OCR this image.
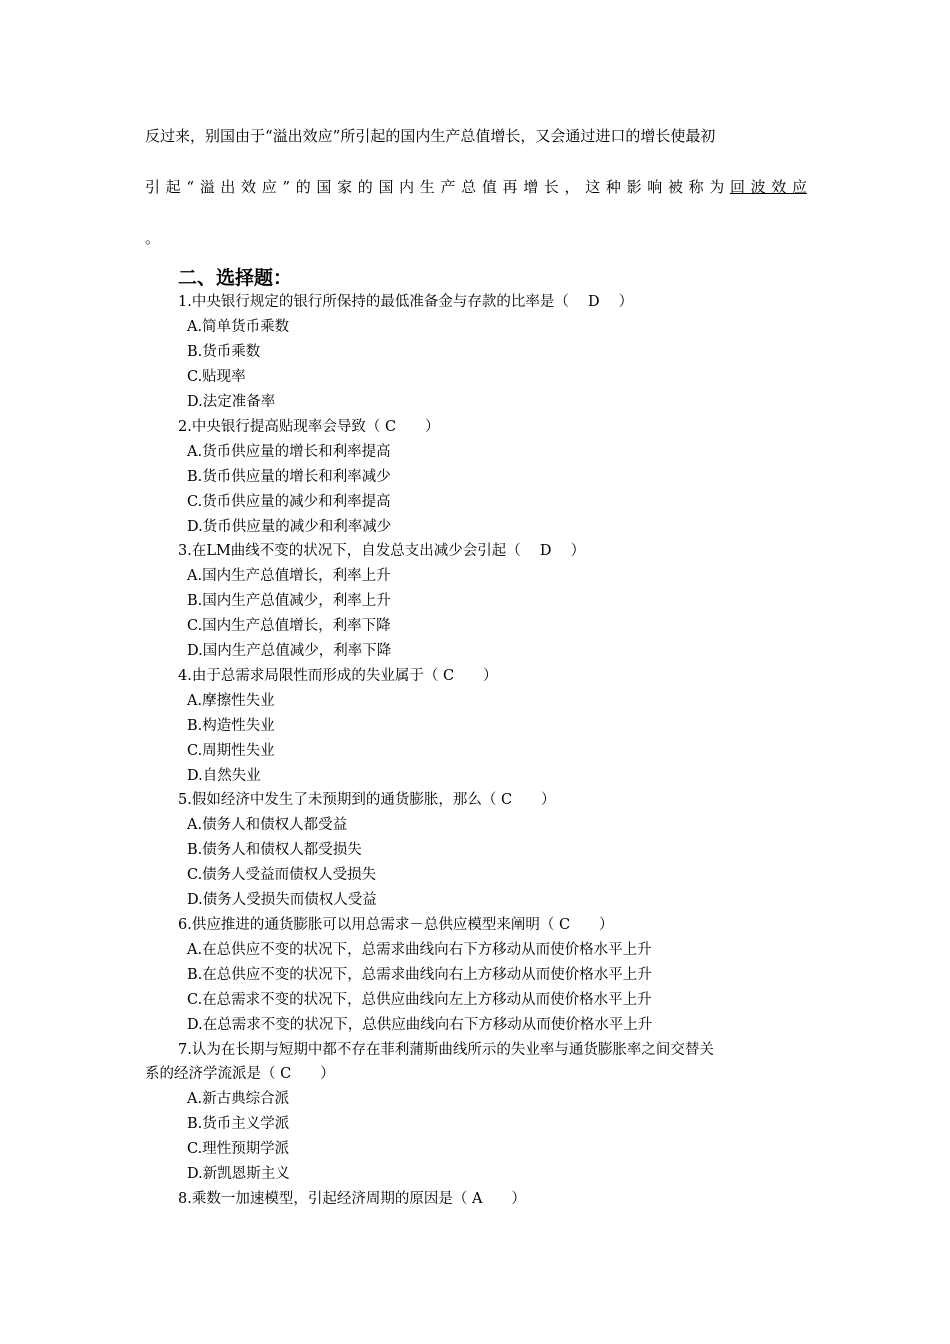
反过来，别国由于“溢出效应”所引起的国内生产总值增长，又会通过进口的增长使最初
引起“溢出效应”的国家的国内生产总值再增长，这种影响被称为回波效应
。
二、选择题：
1.中央银行规定的银行所保持的最低准备金与存款的比率是（　 D　 ）
A.简单货币乘数
B.货币乘数
C.贴现率
D.法定准备率
2.中央银行提高贴现率会导致（ C　　）
A.货币供应量的增长和利率提高
B.货币供应量的增长和利率减少
C.货币供应量的减少和利率提高
D.货币供应量的减少和利率减少
3.在LM曲线不变的状况下，自发总支出减少会引起（　 D　 ）
A.国内生产总值增长，利率上升
B.国内生产总值减少，利率上升
C.国内生产总值增长，利率下降
D.国内生产总值减少，利率下降
4.由于总需求局限性而形成的失业属于（ C　　）
A.摩擦性失业
B.构造性失业
C.周期性失业
D.自然失业
5.假如经济中发生了未预期到的通货膨胀，那么（ C　　）
A.债务人和债权人都受益
B.债务人和债权人都受损失
C.债务人受益而债权人受损失
D.债务人受损失而债权人受益
6.供应推进的通货膨胀可以用总需求－总供应模型来阐明（ C　　）
A.在总供应不变的状况下，总需求曲线向右下方移动从而使价格水平上升
B.在总供应不变的状况下，总需求曲线向右上方移动从而使价格水平上升
C.在总需求不变的状况下，总供应曲线向左上方移动从而使价格水平上升
D.在总需求不变的状况下，总供应曲线向右下方移动从而使价格水平上升
7.认为在长期与短期中都不存在菲利蒲斯曲线所示的失业率与通货膨胀率之间交替关
系的经济学流派是（ C　　）
A.新古典综合派
B.货币主义学派
C.理性预期学派
D.新凯恩斯主义
8.乘数一加速模型，引起经济周期的原因是（ A　　）
